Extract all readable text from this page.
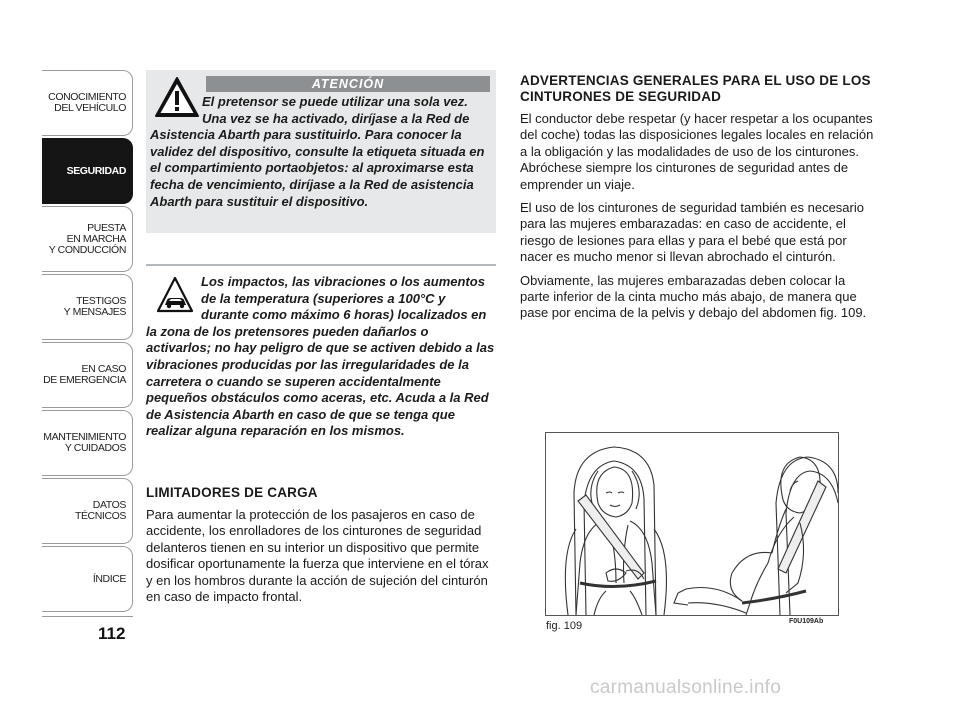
CONOCIMIENTO
DEL VEHÍCULO
SEGURIDAD
PUESTA
EN MARCHA
Y CONDUCCIÓN
TESTIGOS
Y MENSAJES
EN CASO
DE EMERGENCIA
MANTENIMIENTO
Y CUIDADOS
DATOS TÉCNICOS
ÍNDICE
112
ATENCIÓN
El pretensor se puede utilizar una sola vez. Una vez se ha activado, diríjase a la Red de Asistencia Abarth para sustituirlo. Para conocer la validez del dispositivo, consulte la etiqueta situada en el compartimiento portaobjetos: al aproximarse esta fecha de vencimiento, diríjase a la Red de asistencia Abarth para sustituir el dispositivo.
Los impactos, las vibraciones o los aumentos de la temperatura (superiores a 100°C y durante como máximo 6 horas) localizados en la zona de los pretensores pueden dañarlos o activarlos; no hay peligro de que se activen debido a las vibraciones producidas por las irregularidades de la carretera o cuando se superen accidentalmente pequeños obstáculos como aceras, etc. Acuda a la Red de Asistencia Abarth en caso de que se tenga que realizar alguna reparación en los mismos.

LIMITADORES DE CARGA

Para aumentar la protección de los pasajeros en caso de accidente, los enrolladores de los cinturones de seguridad delanteros tienen en su interior un dispositivo que permite dosificar oportunamente la fuerza que interviene en el tórax y en los hombros durante la acción de sujeción del cinturón en caso de impacto frontal.

ADVERTENCIAS GENERALES PARA EL USO DE LOS CINTURONES DE SEGURIDAD

El conductor debe respetar (y hacer respetar a los ocupantes del coche) todas las disposiciones legales locales en relación a la obligación y las modalidades de uso de los cinturones. Abróchese siempre los cinturones de seguridad antes de emprender un viaje.

El uso de los cinturones de seguridad también es necesario para las mujeres embarazadas: en caso de accidente, el riesgo de lesiones para ellas y para el bebé que está por nacer es mucho menor si llevan abrochado el cinturón.

Obviamente, las mujeres embarazadas deben colocar la parte inferior de la cinta mucho más abajo, de manera que pase por encima de la pelvis y debajo del abdomen fig. 109.

fig. 109	F0U109Ab
carmanualsonline.info
